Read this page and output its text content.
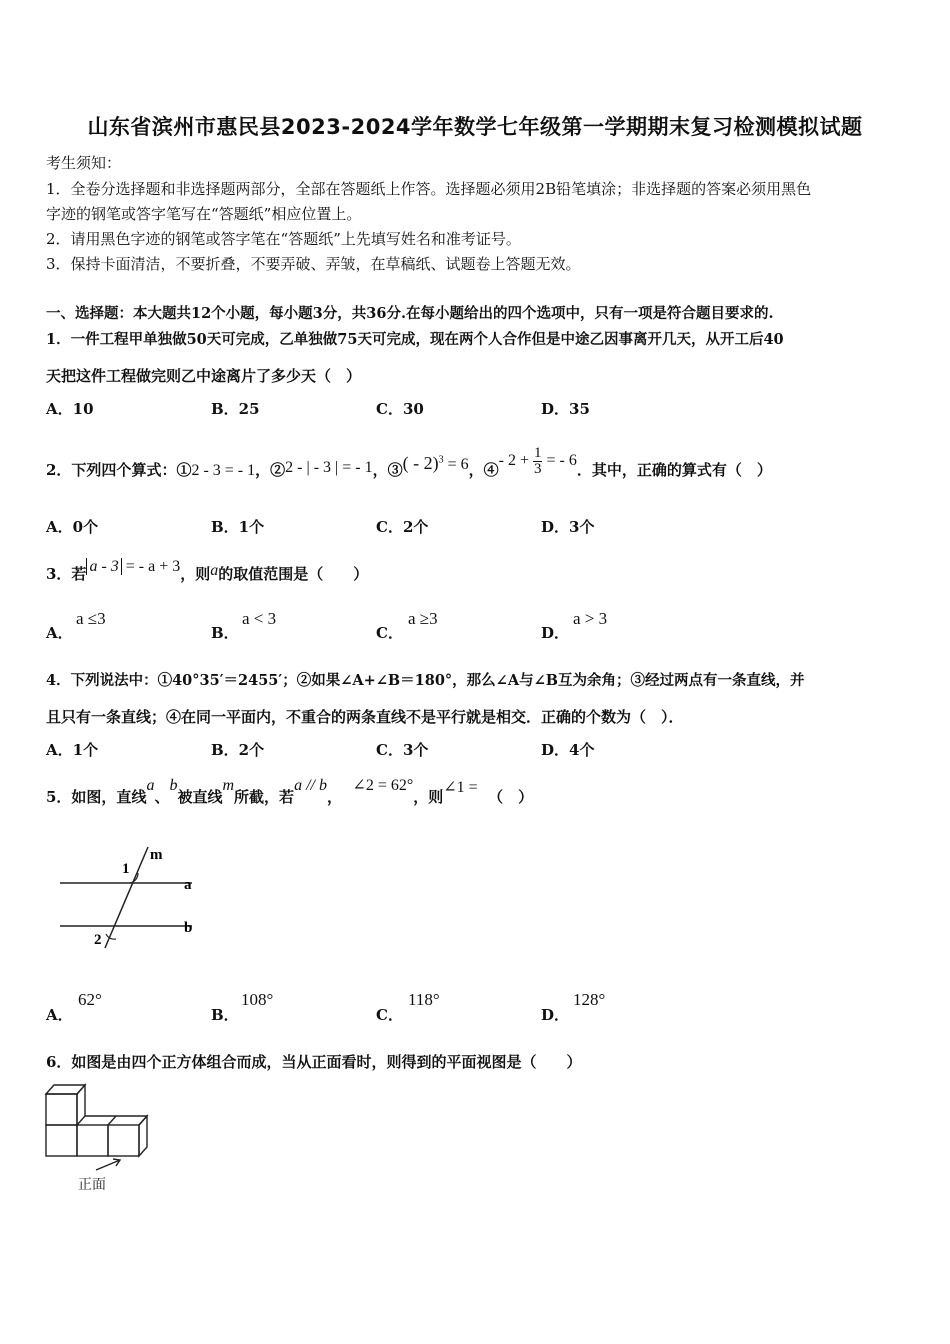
山东省滨州市惠民县2023-2024学年数学七年级第一学期期末复习检测模拟试题
考生须知：
1．全卷分选择题和非选择题两部分，全部在答题纸上作答。选择题必须用2B铅笔填涂；非选择题的答案必须用黑色
字迹的钢笔或答字笔写在“答题纸”相应位置上。
2．请用黑色字迹的钢笔或答字笔在“答题纸”上先填写姓名和准考证号。
3．保持卡面清洁，不要折叠，不要弄破、弄皱，在草稿纸、试题卷上答题无效。
一、选择题：本大题共12个小题，每小题3分，共36分.在每小题给出的四个选项中，只有一项是符合题目要求的.
1．一件工程甲单独做50天可完成，乙单独做75天可完成，现在两个人合作但是中途乙因事离开几天，从开工后40
天把这件工程做完则乙中途离片了多少天（　）
A．10	B．25	C．30	D．35
2．下列四个算式：①2 - 3 = - 1，②2 - | - 3 | = - 1，③( - 2)$^3$ = 6，④- $2 + \frac{1}{3}$ = - 6．其中，正确的算式有（　）
A．0个	B．1个	C．2个	D．3个
3．若 a - 3 = - a + 3，则a的取值范围是（　　）
A．
a ≤3
B．
a < 3
C．
a ≥3
D．
a > 3
4．下列说法中：①40°35′＝2455′；②如果∠A+∠B＝180°，那么∠A与∠B互为余角；③经过两点有一条直线，并
且只有一条直线；④在同一平面内，不重合的两条直线不是平行就是相交．正确的个数为（　）．
A．1个	B．2个	C．3个	D．4个
5．如图，直线a、b被直线m所截，若a // b，  ∠2 = 62°，则∠1 =  （　）
m
a
b
1
2
A．
62°
B．
108°
C．
118°
D．
128°
6．如图是由四个正方体组合而成，当从正面看时，则得到的平面视图是（　　）
正面
